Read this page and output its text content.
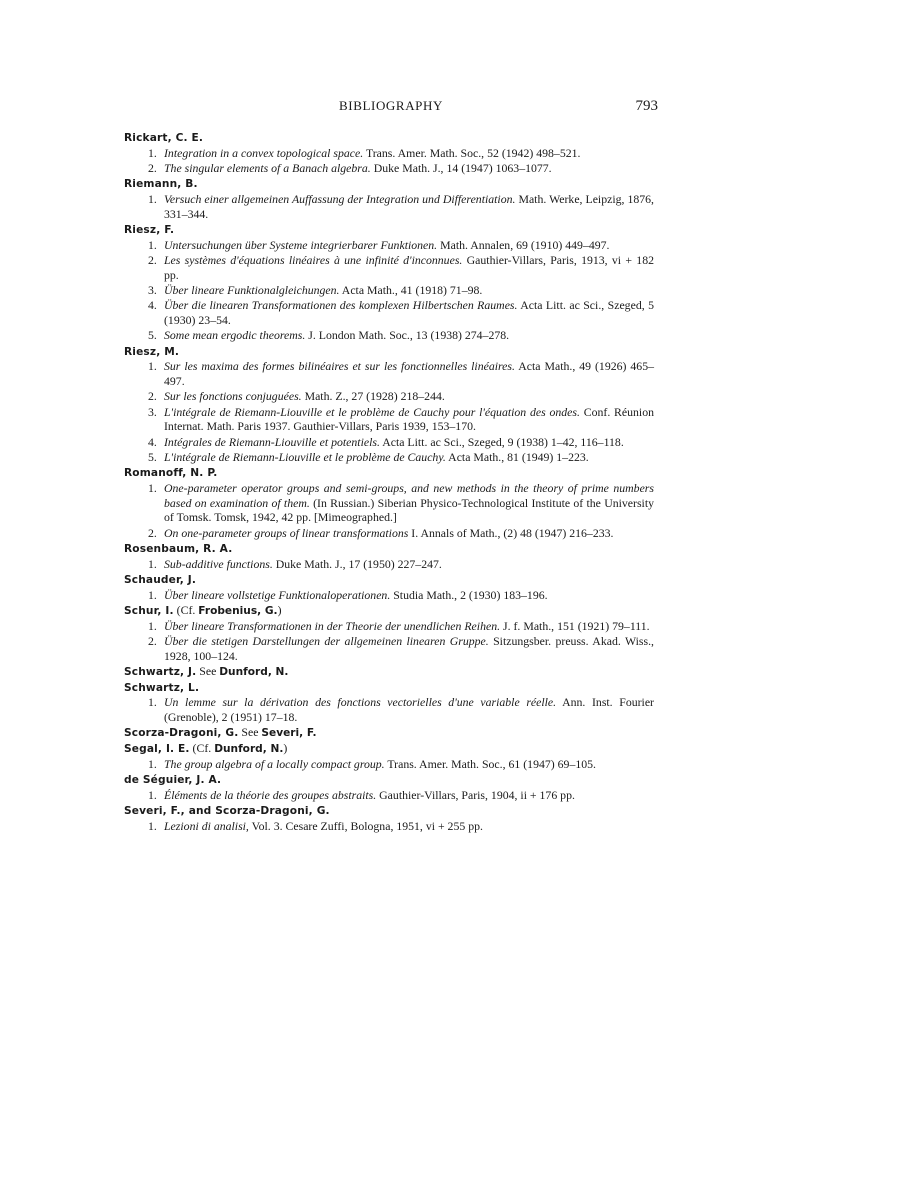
BIBLIOGRAPHY	793

Rickart, C. E.

1. Integration in a convex topological space. Trans. Amer. Math. Soc., 52 (1942) 498–521.
2. The singular elements of a Banach algebra. Duke Math. J., 14 (1947) 1063–1077.

Riemann, B.

1. Versuch einer allgemeinen Auffassung der Integration und Differentiation. Math. Werke, Leipzig, 1876, 331–344.

Riesz, F.

1. Untersuchungen über Systeme integrierbarer Funktionen. Math. Annalen, 69 (1910) 449–497.
2. Les systèmes d'équations linéaires à une infinité d'inconnues. Gauthier-Villars, Paris, 1913, vi + 182 pp.
3. Über lineare Funktionalgleichungen. Acta Math., 41 (1918) 71–98.
4. Über die linearen Transformationen des komplexen Hilbertschen Raumes. Acta Litt. ac Sci., Szeged, 5 (1930) 23–54.
5. Some mean ergodic theorems. J. London Math. Soc., 13 (1938) 274–278.

Riesz, M.

1. Sur les maxima des formes bilinéaires et sur les fonctionnelles linéaires. Acta Math., 49 (1926) 465–497.
2. Sur les fonctions conjuguées. Math. Z., 27 (1928) 218–244.
3. L'intégrale de Riemann-Liouville et le problème de Cauchy pour l'équation des ondes. Conf. Réunion Internat. Math. Paris 1937. Gauthier-Villars, Paris 1939, 153–170.
4. Intégrales de Riemann-Liouville et potentiels. Acta Litt. ac Sci., Szeged, 9 (1938) 1–42, 116–118.
5. L'intégrale de Riemann-Liouville et le problème de Cauchy. Acta Math., 81 (1949) 1–223.

Romanoff, N. P.

1. One-parameter operator groups and semi-groups, and new methods in the theory of prime numbers based on examination of them. (In Russian.) Siberian Physico-Technological Institute of the University of Tomsk. Tomsk, 1942, 42 pp. [Mimeographed.]
2. On one-parameter groups of linear transformations I. Annals of Math., (2) 48 (1947) 216–233.

Rosenbaum, R. A.

1. Sub-additive functions. Duke Math. J., 17 (1950) 227–247.

Schauder, J.

1. Über lineare vollstetige Funktionaloperationen. Studia Math., 2 (1930) 183–196.

Schur, I. (Cf. Frobenius, G.)

1. Über lineare Transformationen in der Theorie der unendlichen Reihen. J. f. Math., 151 (1921) 79–111.
2. Über die stetigen Darstellungen der allgemeinen linearen Gruppe. Sitzungsber. preuss. Akad. Wiss., 1928, 100–124.

Schwartz, J. See Dunford, N.

Schwartz, L.

1. Un lemme sur la dérivation des fonctions vectorielles d'une variable réelle. Ann. Inst. Fourier (Grenoble), 2 (1951) 17–18.

Scorza-Dragoni, G. See Severi, F.

Segal, I. E. (Cf. Dunford, N.)

1. The group algebra of a locally compact group. Trans. Amer. Math. Soc., 61 (1947) 69–105.

de Séguier, J. A.

1. Éléments de la théorie des groupes abstraits. Gauthier-Villars, Paris, 1904, ii + 176 pp.

Severi, F., and Scorza-Dragoni, G.

1. Lezioni di analisi, Vol. 3. Cesare Zuffi, Bologna, 1951, vi + 255 pp.
